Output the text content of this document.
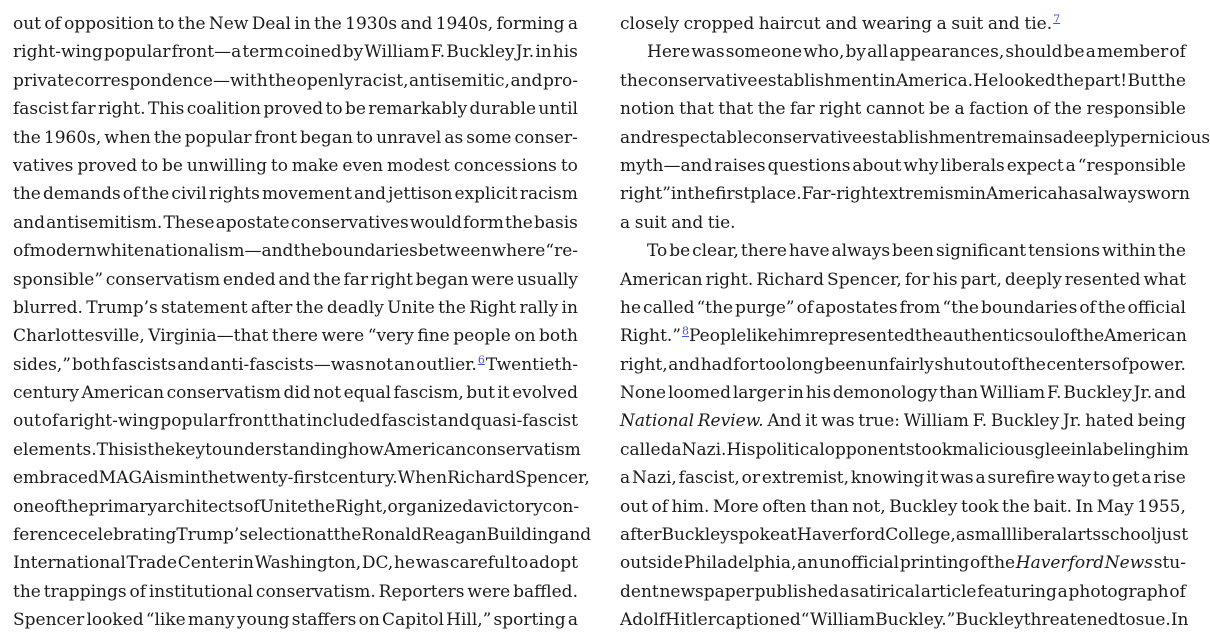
out of opposition to the New Deal in the 1930s and 1940s, forming a
right-wing popular front—a term coined by William F. Buckley Jr. in his
private correspondence—with the openly racist, antisemitic, and pro-
fascist far right. This coalition proved to be remarkably durable until
the 1960s, when the popular front began to unravel as some conser-
vatives proved to be unwilling to make even modest concessions to
the demands of the civil rights movement and jettison explicit racism
and antisemitism. These apostate conservatives would form the basis
of modern white nationalism—and the boundaries between where “re-
sponsible” conservatism ended and the far right began were usually
blurred. Trump’s statement after the deadly Unite the Right rally in
Charlottesville, Virginia—that there were “very fine people on both
sides,” both fascists and anti-fascists—was not an outlier.$^6$ Twentieth-
century American conservatism did not equal fascism, but it evolved
out of a right-wing popular front that included fascist and quasi-fascist
elements. This is the key to understanding how American conservatism
embraced MAGAism in the twenty-first century. When Richard Spencer,
one of the primary architects of Unite the Right, organized a victory con-
ference celebrating Trump’s election at the Ronald Reagan Building and
International Trade Center in Washington, DC, he was careful to adopt
the trappings of institutional conservatism. Reporters were baffled.
Spencer looked “like many young staffers on Capitol Hill,” sporting a
closely cropped haircut and wearing a suit and tie.$^7$
Here was someone who, by all appearances, should be a member of
the conservative establishment in America. He looked the part! But the
notion that that the far right cannot be a faction of the responsible
and respectable conservative establishment remains a deeply pernicious
myth—and raises questions about why liberals expect a “responsible
right” in the first place. Far-right extremism in America has always worn
a suit and tie.
To be clear, there have always been significant tensions within the
American right. Richard Spencer, for his part, deeply resented what
he called “the purge” of apostates from “the boundaries of the official
Right.”$^8$ People like him represented the authentic soul of the American
right, and had for too long been unfairly shut out of the centers of power.
None loomed larger in his demonology than William F. Buckley Jr. and
National Review. And it was true: William F. Buckley Jr. hated being
called a Nazi. His political opponents took malicious glee in labeling him
a Nazi, fascist, or extremist, knowing it was a surefire way to get a rise
out of him. More often than not, Buckley took the bait. In May 1955,
after Buckley spoke at Haverford College, a small liberal arts school just
outside Philadelphia, an unofficial printing of the Haverford News stu-
dent newspaper published a satirical article featuring a photograph of
Adolf Hitler captioned “William Buckley.” Buckley threatened to sue. In
